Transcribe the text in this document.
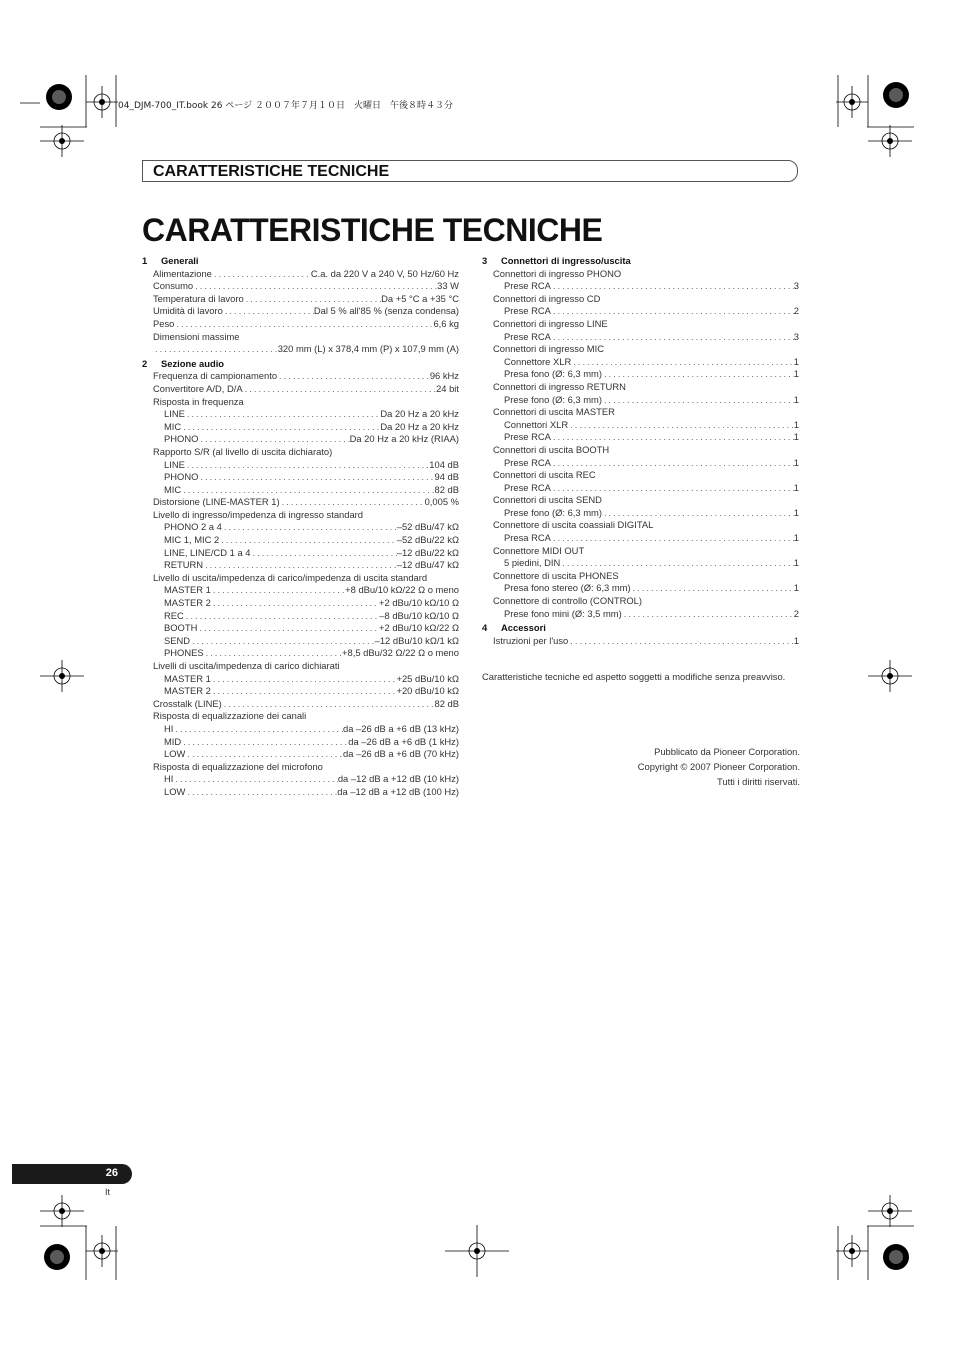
04_DJM-700_IT.book 26 ページ ２００７年７月１０日　火曜日　午後８時４３分
CARATTERISTICHE TECNICHE
CARATTERISTICHE TECNICHE
1 Generali
Alimentazione .....	C.a. da 220 V a 240 V, 50 Hz/60 Hz
Consumo .....	33 W
Temperatura di lavoro .....	Da +5 °C a +35 °C
Umidità di lavoro .....	Dal 5 % all'85 % (senza condensa)
Peso .....	6,6 kg
Dimensioni massime
.....
320 mm (L) x 378,4 mm (P) x 107,9 mm (A)
2 Sezione audio
Frequenza di campionamento .....	96 kHz
Convertitore A/D, D/A .....	24 bit
Risposta in frequenza
LINE .....	Da 20 Hz a 20 kHz
MIC .....	Da 20 Hz a 20 kHz
PHONO .....	Da 20 Hz a 20 kHz (RIAA)
Rapporto S/R (al livello di uscita dichiarato)
LINE .....	104 dB
PHONO .....	94 dB
MIC .....	82 dB
Distorsione (LINE-MASTER 1) .....	0,005 %
Livello di ingresso/impedenza di ingresso standard
PHONO 2 a 4 .....	–52 dBu/47 kΩ
MIC 1, MIC 2 .....	–52 dBu/22 kΩ
LINE, LINE/CD 1 a 4 .....	–12 dBu/22 kΩ
RETURN .....	–12 dBu/47 kΩ
Livello di uscita/impedenza di carico/impedenza di uscita standard
MASTER 1 .....	+8 dBu/10 kΩ/22 Ω o meno
MASTER 2 .....	+2 dBu/10 kΩ/10 Ω
REC .....	–8 dBu/10 kΩ/10 Ω
BOOTH .....	+2 dBu/10 kΩ/22 Ω
SEND .....	–12 dBu/10 kΩ/1 kΩ
PHONES .....	+8,5 dBu/32 Ω/22 Ω o meno
Livelli di uscita/impedenza di carico dichiarati
MASTER 1 .....	+25 dBu/10 kΩ
MASTER 2 .....	+20 dBu/10 kΩ
Crosstalk (LINE) .....	82 dB
Risposta di equalizzazione dei canali
HI .....	da –26 dB a +6 dB (13 kHz)
MID .....	da –26 dB a +6 dB (1 kHz)
LOW .....	da –26 dB a +6 dB (70 kHz)
Risposta di equalizzazione del microfono
HI .....	da –12 dB a +12 dB (10 kHz)
LOW .....	da –12 dB a +12 dB (100 Hz)
3 Connettori di ingresso/uscita
Connettori di ingresso PHONO
Prese RCA .....	3
Connettori di ingresso CD
Prese RCA .....	2
Connettori di ingresso LINE
Prese RCA .....	3
Connettori di ingresso MIC
Connettore XLR .....	1
Presa fono (Ø: 6,3 mm) .....	1
Connettori di ingresso RETURN
Prese fono (Ø: 6,3 mm) .....	1
Connettori di uscita MASTER
Connettori XLR .....	1
Prese RCA .....	1
Connettori di uscita BOOTH
Prese RCA .....	1
Connettori di uscita REC
Prese RCA .....	1
Connettori di uscita SEND
Prese fono (Ø: 6,3 mm) .....	1
Connettore di uscita coassiali DIGITAL
Presa RCA .....	1
Connettore MIDI OUT
5 piedini, DIN .....	1
Connettore di uscita PHONES
Presa fono stereo (Ø: 6,3 mm) .....	1
Connettore di controllo (CONTROL)
Prese fono mini (Ø: 3,5 mm) .....	2
4 Accessori
Istruzioni per l'uso .....	1
Caratteristiche tecniche ed aspetto soggetti a modifiche senza preavviso.
Pubblicato da Pioneer Corporation.
Copyright © 2007 Pioneer Corporation.
Tutti i diritti riservati.
26
It
